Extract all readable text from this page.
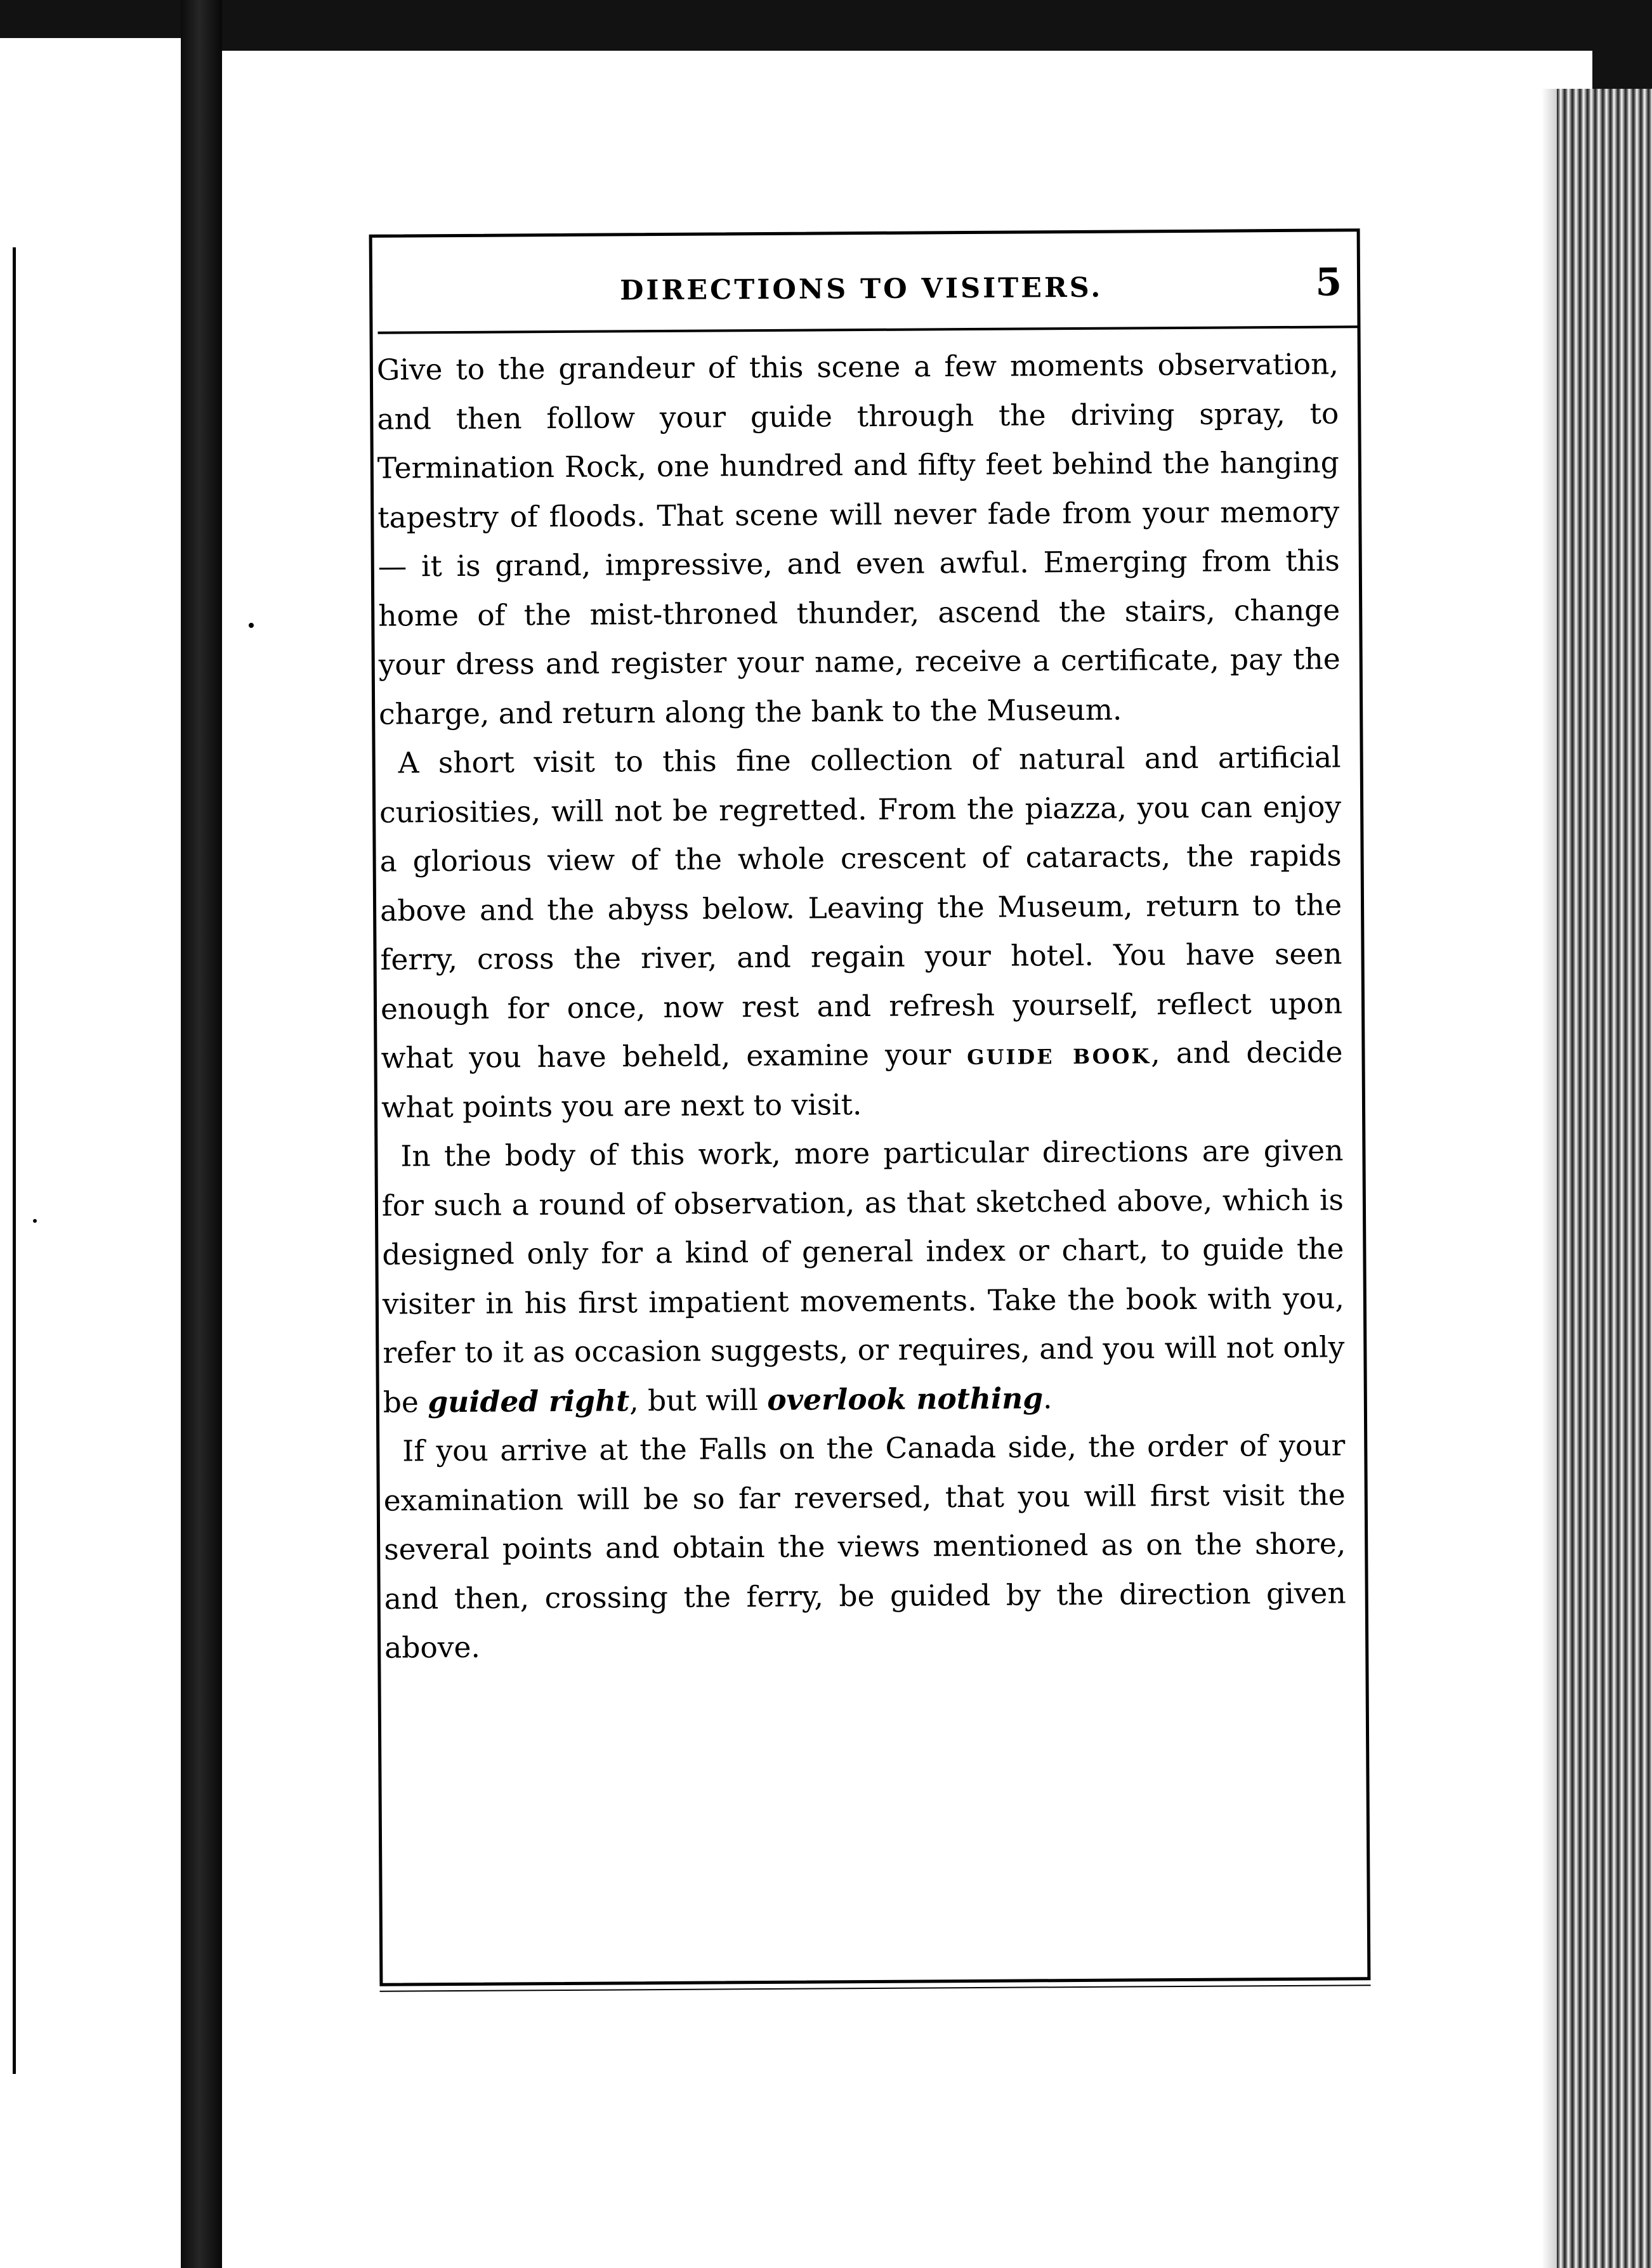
DIRECTIONS TO VISITERS.	5

Give to the grandeur of this scene a few moments observation, and then follow your guide through the driving spray, to Termination Rock, one hundred and fifty feet behind the hanging tapestry of floods. That scene will never fade from your memory — it is grand, impressive, and even awful. Emerging from this home of the mist-throned thunder, ascend the stairs, change your dress and register your name, receive a certificate, pay the charge, and return along the bank to the Museum.

A short visit to this fine collection of natural and artificial curiosities, will not be regretted. From the piazza, you can enjoy a glorious view of the whole crescent of cataracts, the rapids above and the abyss below. Leaving the Museum, return to the ferry, cross the river, and regain your hotel. You have seen enough for once, now rest and refresh yourself, reflect upon what you have beheld, examine your guide book, and decide what points you are next to visit.

In the body of this work, more particular directions are given for such a round of observation, as that sketched above, which is designed only for a kind of general index or chart, to guide the visiter in his first impatient movements. Take the book with you, refer to it as occasion suggests, or requires, and you will not only be guided right, but will overlook nothing.

If you arrive at the Falls on the Canada side, the order of your examination will be so far reversed, that you will first visit the several points and obtain the views mentioned as on the shore, and then, crossing the ferry, be guided by the direction given above.
